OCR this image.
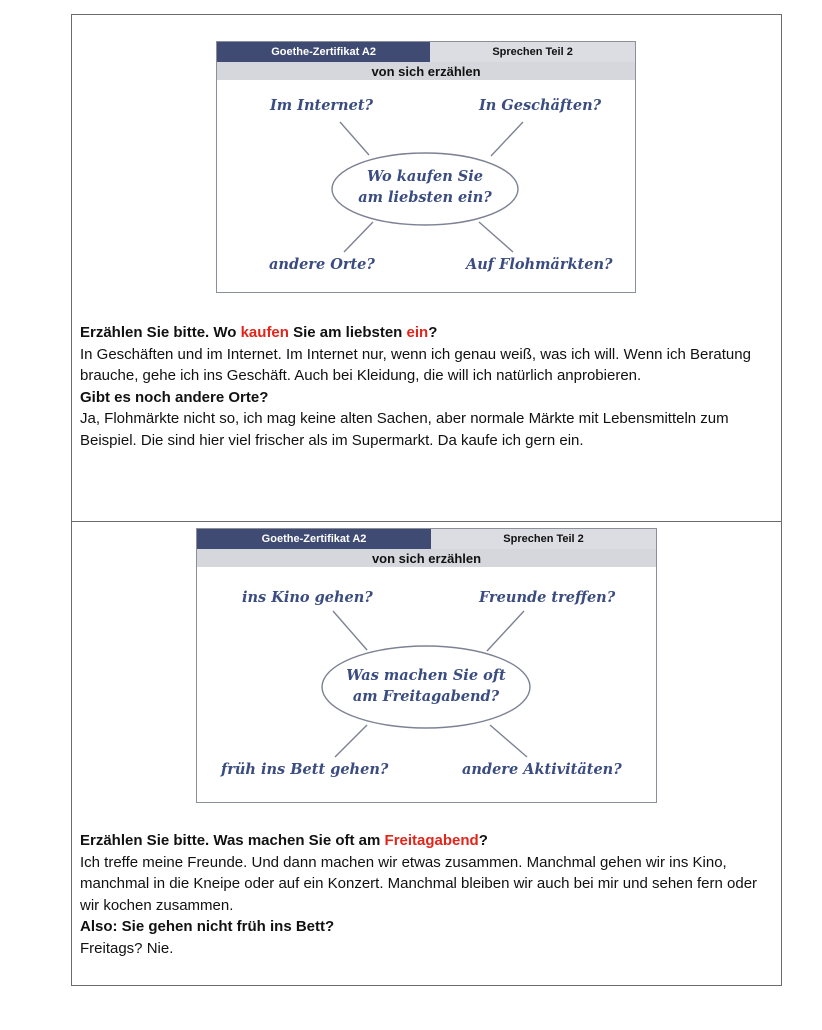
Goethe-Zertifikat A2	Sprechen Teil 2
von sich erzählen
Im Internet?	In Geschäften?
Wo kaufen Sie
am liebsten ein?
andere Orte?	Auf Flohmärkten?

Erzählen Sie bitte. Wo kaufen Sie am liebsten ein?

In Geschäften und im Internet. Im Internet nur, wenn ich genau weiß, was ich will. Wenn ich Beratung brauche, gehe ich ins Geschäft. Auch bei Kleidung, die will ich natürlich anprobieren.

Gibt es noch andere Orte?

Ja, Flohmärkte nicht so, ich mag keine alten Sachen, aber normale Märkte mit Lebensmitteln zum Beispiel. Die sind hier viel frischer als im Supermarkt. Da kaufe ich gern ein.

Goethe-Zertifikat A2	Sprechen Teil 2
von sich erzählen
ins Kino gehen?	Freunde treffen?
Was machen Sie oft
am Freitagabend?
früh ins Bett gehen?	andere Aktivitäten?

Erzählen Sie bitte. Was machen Sie oft am Freitagabend?

Ich treffe meine Freunde. Und dann machen wir etwas zusammen. Manchmal gehen wir ins Kino, manchmal in die Kneipe oder auf ein Konzert. Manchmal bleiben wir auch bei mir und sehen fern oder wir kochen zusammen.

Also: Sie gehen nicht früh ins Bett?

Freitags? Nie.
